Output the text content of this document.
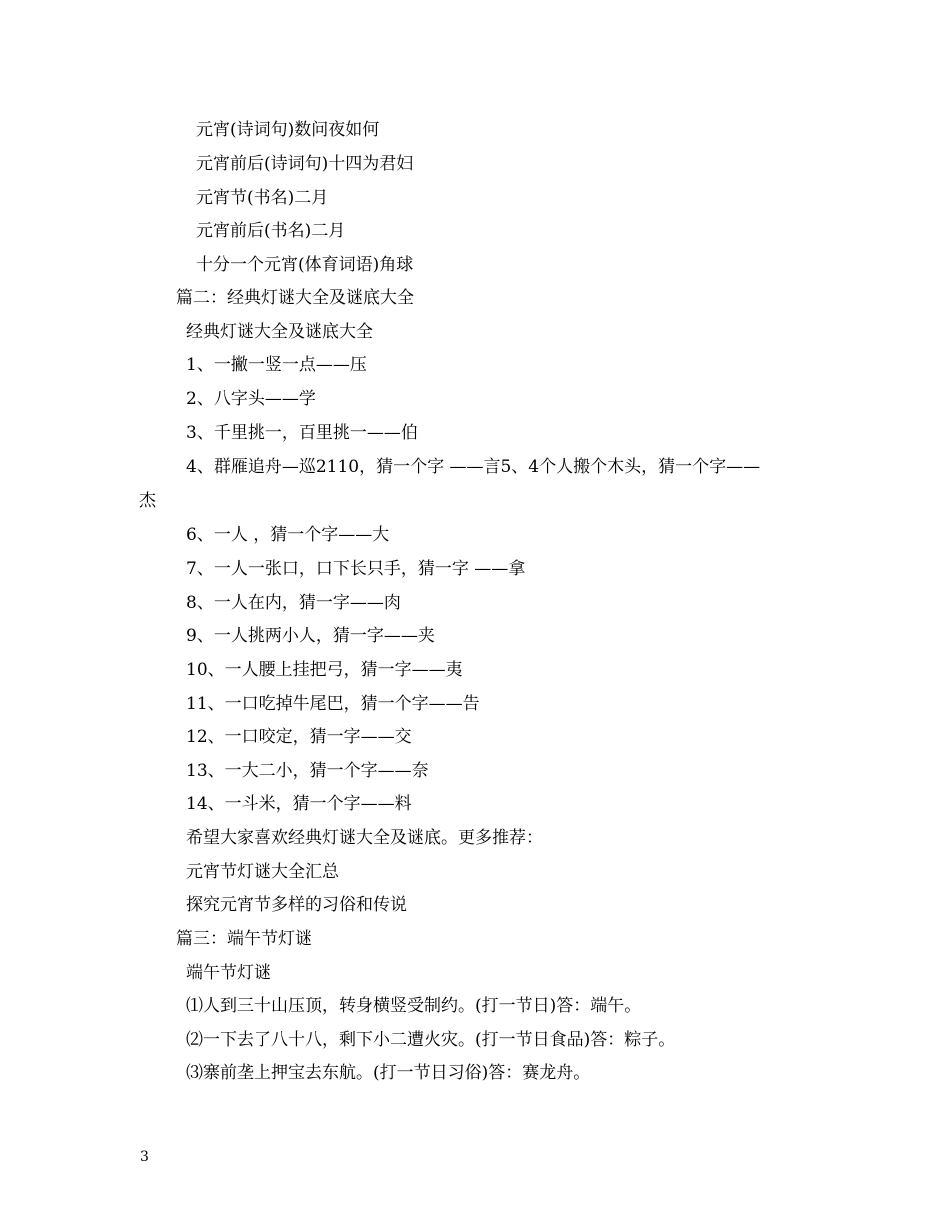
元宵(诗词句)数问夜如何
元宵前后(诗词句)十四为君妇
元宵节(书名)二月
元宵前后(书名)二月
十分一个元宵(体育词语)角球
篇二：经典灯谜大全及谜底大全
经典灯谜大全及谜底大全
1、一撇一竖一点——压
2、八字头——学
3、千里挑一，百里挑一——伯
4、群雁追舟—巡2110，猜一个字 ——言5、4个人搬个木头，猜一个字——
杰
6、一人 ，猜一个字——大
7、一人一张口，口下长只手，猜一字 ——拿
8、一人在内，猜一字——肉
9、一人挑两小人，猜一字——夹
10、一人腰上挂把弓，猜一字——夷
11、一口吃掉牛尾巴，猜一个字——告
12、一口咬定，猜一字——交
13、一大二小，猜一个字——奈
14、一斗米，猜一个字——料
希望大家喜欢经典灯谜大全及谜底。更多推荐：
元宵节灯谜大全汇总
探究元宵节多样的习俗和传说
篇三：端午节灯谜
端午节灯谜
⑴人到三十山压顶，转身横竖受制约。(打一节日)答：端午。
⑵一下去了八十八，剩下小二遭火灾。(打一节日食品)答：粽子。
⑶寨前垄上押宝去东航。(打一节日习俗)答：赛龙舟。
3
